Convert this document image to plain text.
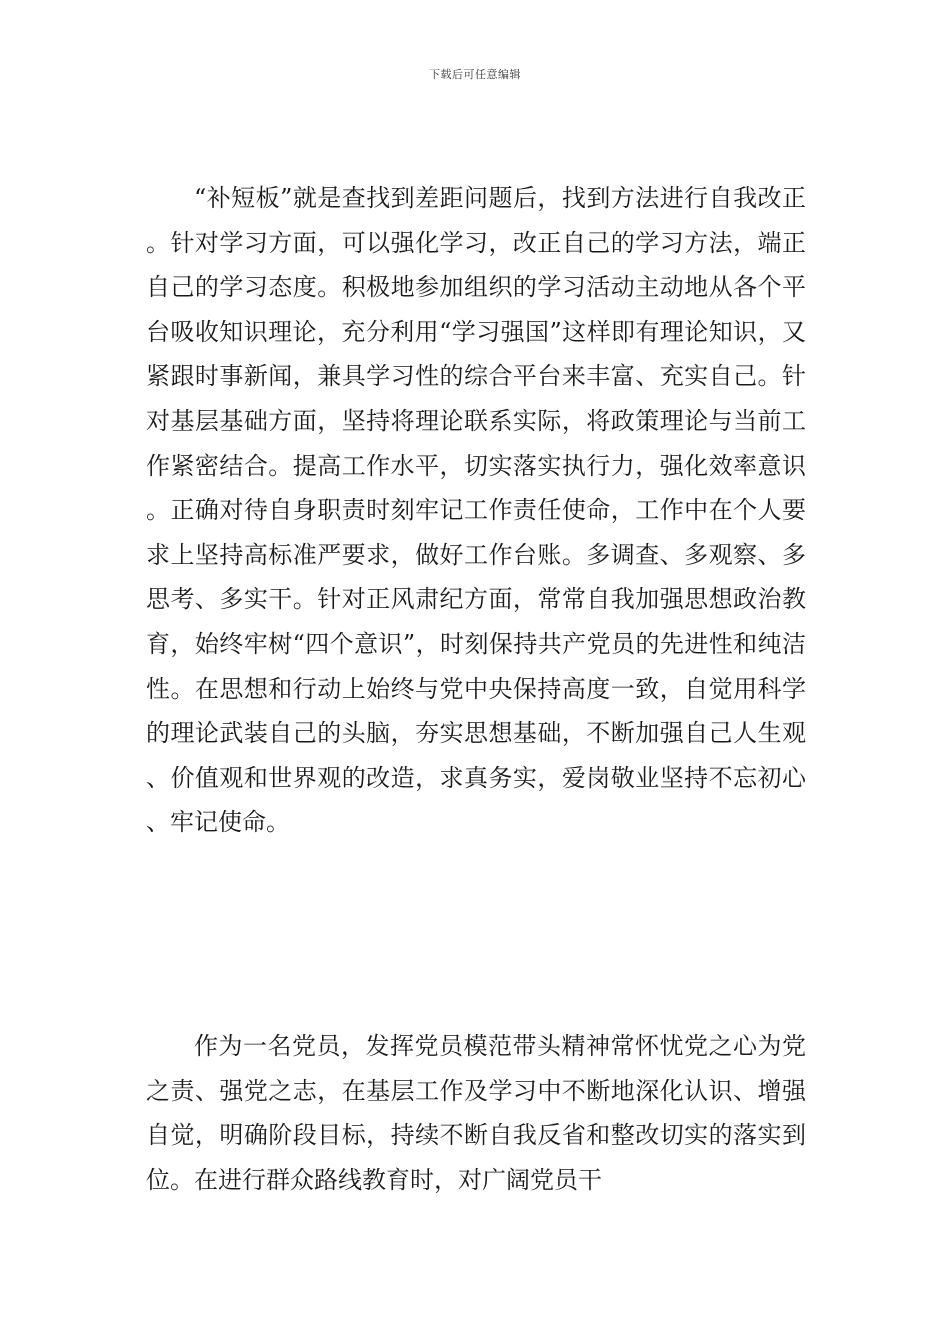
下载后可任意编辑

“补短板”就是查找到差距问题后，找到方法进行自我改正。针对学习方面，可以强化学习，改正自己的学习方法，端正自己的学习态度。积极地参加组织的学习活动主动地从各个平台吸收知识理论，充分利用“学习强国”这样即有理论知识，又紧跟时事新闻，兼具学习性的综合平台来丰富、充实自己。针对基层基础方面，坚持将理论联系实际，将政策理论与当前工作紧密结合。提高工作水平，切实落实执行力，强化效率意识。正确对待自身职责时刻牢记工作责任使命，工作中在个人要求上坚持高标准严要求，做好工作台账。多调查、多观察、多思考、多实干。针对正风肃纪方面，常常自我加强思想政治教育，始终牢树“四个意识”，时刻保持共产党员的先进性和纯洁性。在思想和行动上始终与党中央保持高度一致，自觉用科学的理论武装自己的头脑，夯实思想基础，不断加强自己人生观、价值观和世界观的改造，求真务实，爱岗敬业坚持不忘初心、牢记使命。

作为一名党员，发挥党员模范带头精神常怀忧党之心为党之责、强党之志，在基层工作及学习中不断地深化认识、增强自觉，明确阶段目标，持续不断自我反省和整改切实的落实到位。在进行群众路线教育时，对广阔党员干
